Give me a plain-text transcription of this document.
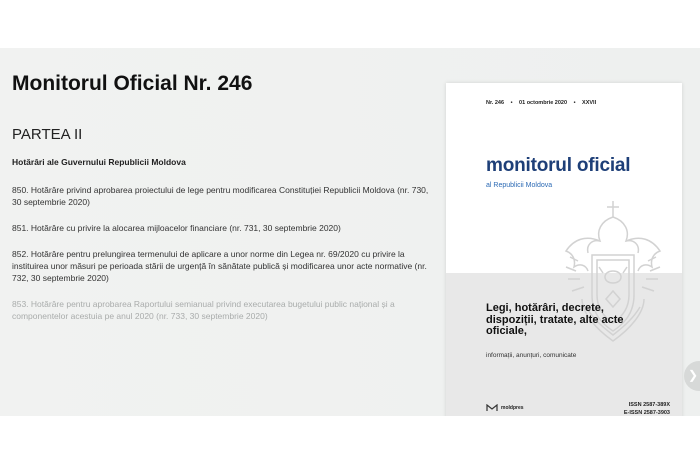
Monitorul Oficial Nr. 246
PARTEA II
Hotărâri ale Guvernului Republicii Moldova

850. Hotărâre privind aprobarea proiectului de lege pentru modificarea Constituției Republicii Moldova (nr. 730, 30 septembrie 2020)

851. Hotărâre cu privire la alocarea mijloacelor financiare (nr. 731, 30 septembrie 2020)

852. Hotărâre pentru prelungirea termenului de aplicare a unor norme din Legea nr. 69/2020 cu privire la instituirea unor măsuri pe perioada stării de urgență în sănătate publică și modificarea unor acte normative (nr. 732, 30 septembrie 2020)

853. Hotărâre pentru aprobarea Raportului semianual privind executarea bugetului public național și a componentelor acestuia pe anul 2020 (nr. 733, 30 septembrie 2020)

Nr. 246 • 01 octombrie 2020 • XXVII
monitorul oficial
al Republicii Moldova
Legi, hotărâri, decrete, dispoziții, tratate, alte acte oficiale,
informații, anunțuri, comunicate
moldpres	ISSN 2587-389X
E-ISSN 2587-3903
❯
